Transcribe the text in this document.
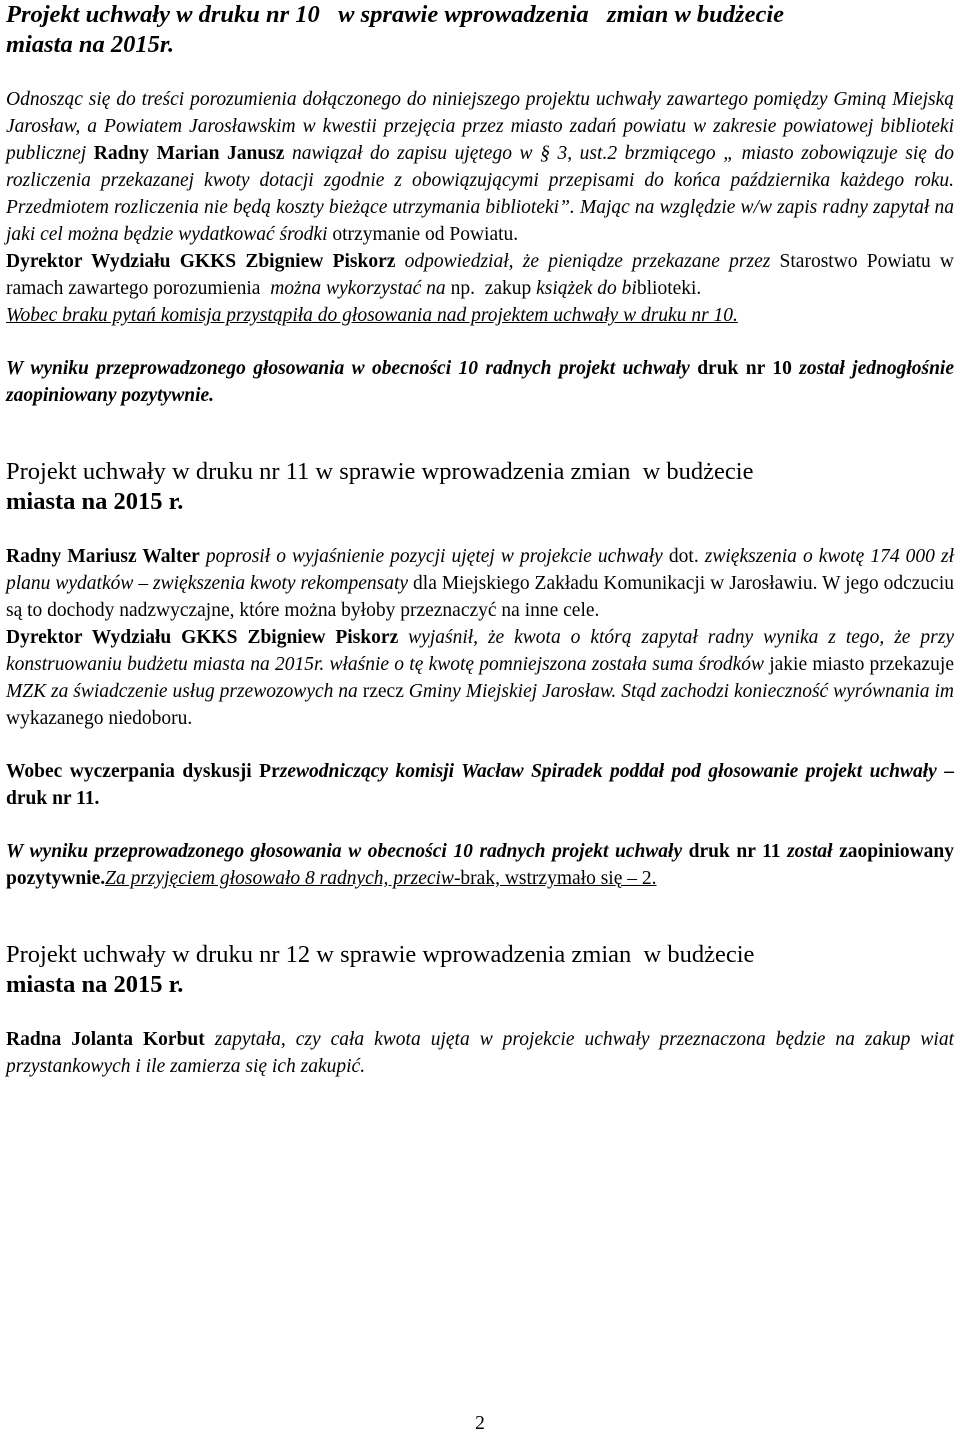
Projekt uchwały w druku nr 10   w sprawie wprowadzenia   zmian w budżecie
miasta na 2015r.

Odnosząc się do treści porozumienia dołączonego do niniejszego projektu uchwały zawartego pomiędzy Gminą Miejską Jarosław, a Powiatem Jarosławskim w kwestii przejęcia przez miasto zadań powiatu w zakresie powiatowej biblioteki publicznej Radny Marian Janusz nawiązał do zapisu ujętego w § 3, ust.2 brzmiącego „ miasto zobowiązuje się do rozliczenia przekazanej kwoty dotacji zgodnie z obowiązującymi przepisami do końca października każdego roku. Przedmiotem rozliczenia nie będą koszty bieżące utrzymania biblioteki”. Mając na względzie w/w zapis radny zapytał na jaki cel można będzie wydatkować środki otrzymanie od Powiatu.

Dyrektor Wydziału GKKS Zbigniew Piskorz odpowiedział, że pieniądze przekazane przez Starostwo Powiatu w ramach zawartego porozumienia  można wykorzystać na np.  zakup książek do biblioteki.

Wobec braku pytań komisja przystąpiła do głosowania nad projektem uchwały w druku nr 10.

W wyniku przeprowadzonego głosowania w obecności 10 radnych projekt uchwały druk nr 10 został jednogłośnie zaopiniowany pozytywnie.

Projekt uchwały w druku nr 11 w sprawie wprowadzenia zmian  w budżecie
miasta na 2015 r.

Radny Mariusz Walter poprosił o wyjaśnienie pozycji ujętej w projekcie uchwały dot. zwiększenia o kwotę 174 000 zł planu wydatków – zwiększenia kwoty rekompensaty dla Miejskiego Zakładu Komunikacji w Jarosławiu. W jego odczuciu są to dochody nadzwyczajne, które można byłoby przeznaczyć na inne cele.

Dyrektor Wydziału GKKS Zbigniew Piskorz wyjaśnił, że kwota o którą zapytał radny wynika z tego, że przy konstruowaniu budżetu miasta na 2015r. właśnie o tę kwotę pomniejszona została suma środków jakie miasto przekazuje MZK za świadczenie usług przewozowych na rzecz Gminy Miejskiej Jarosław. Stąd zachodzi konieczność wyrównania im wykazanego niedoboru.

Wobec wyczerpania dyskusji Przewodniczący komisji Wacław Spiradek poddał pod głosowanie projekt uchwały – druk nr 11.

W wyniku przeprowadzonego głosowania w obecności 10 radnych projekt uchwały druk nr 11 został zaopiniowany pozytywnie.Za przyjęciem głosowało 8 radnych, przeciw-brak, wstrzymało się – 2.

Projekt uchwały w druku nr 12 w sprawie wprowadzenia zmian  w budżecie
miasta na 2015 r.

Radna Jolanta Korbut zapytała, czy cała kwota ujęta w projekcie uchwały przeznaczona będzie na zakup wiat przystankowych i ile zamierza się ich zakupić.

2
